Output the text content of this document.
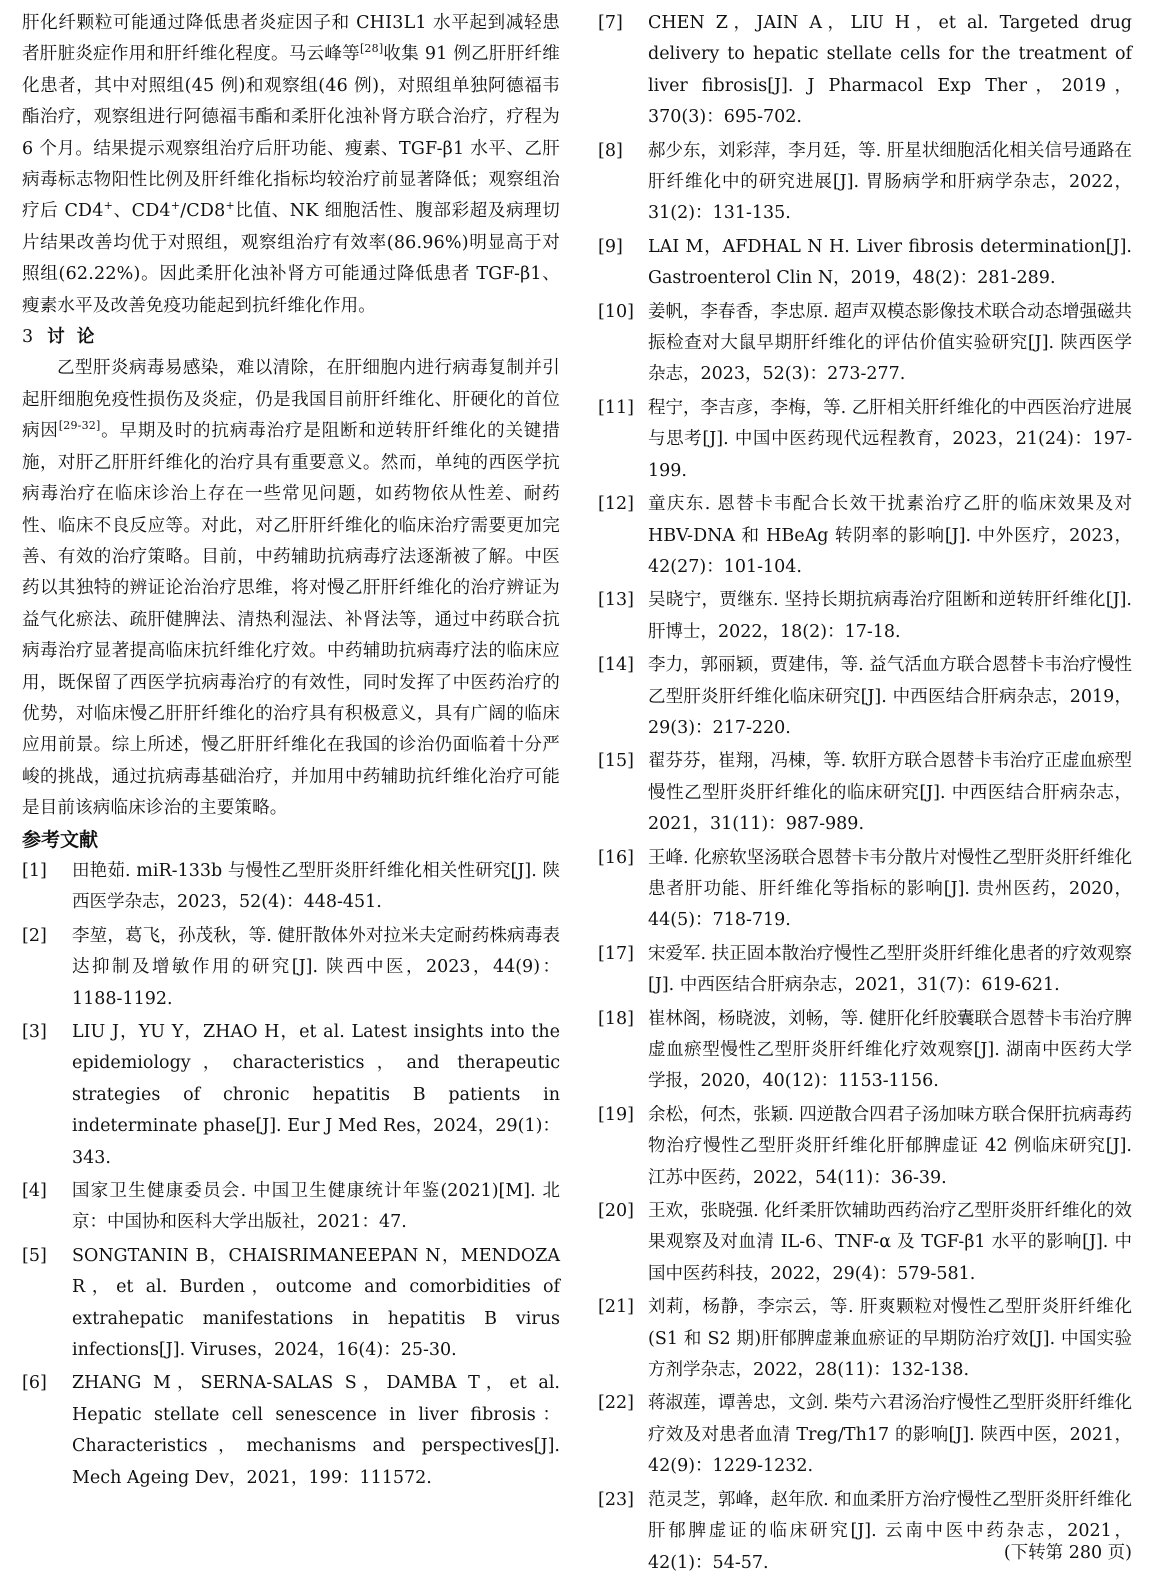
肝化纤颗粒可能通过降低患者炎症因子和 CHI3L1 水平起到减轻患者肝脏炎症作用和肝纤维化程度。马云峰等[28]收集 91 例乙肝肝纤维化患者，其中对照组(45 例)和观察组(46 例)，对照组单独阿德福韦酯治疗，观察组进行阿德福韦酯和柔肝化浊补肾方联合治疗，疗程为 6 个月。结果提示观察组治疗后肝功能、瘦素、TGF-β1 水平、乙肝病毒标志物阳性比例及肝纤维化指标均较治疗前显著降低；观察组治疗后 CD4+、CD4+/CD8+比值、NK 细胞活性、腹部彩超及病理切片结果改善均优于对照组，观察组治疗有效率(86.96%)明显高于对照组(62.22%)。因此柔肝化浊补肾方可能通过降低患者 TGF-β1、瘦素水平及改善免疫功能起到抗纤维化作用。

3 讨  论

乙型肝炎病毒易感染，难以清除，在肝细胞内进行病毒复制并引起肝细胞免疫性损伤及炎症，仍是我国目前肝纤维化、肝硬化的首位病因[29-32]。早期及时的抗病毒治疗是阻断和逆转肝纤维化的关键措施，对肝乙肝肝纤维化的治疗具有重要意义。然而，单纯的西医学抗病毒治疗在临床诊治上存在一些常见问题，如药物依从性差、耐药性、临床不良反应等。对此，对乙肝肝纤维化的临床治疗需要更加完善、有效的治疗策略。目前，中药辅助抗病毒疗法逐渐被了解。中医药以其独特的辨证论治治疗思维，将对慢乙肝肝纤维化的治疗辨证为益气化瘀法、疏肝健脾法、清热利湿法、补肾法等，通过中药联合抗病毒治疗显著提高临床抗纤维化疗效。中药辅助抗病毒疗法的临床应用，既保留了西医学抗病毒治疗的有效性，同时发挥了中医药治疗的优势，对临床慢乙肝肝纤维化的治疗具有积极意义，具有广阔的临床应用前景。综上所述，慢乙肝肝纤维化在我国的诊治仍面临着十分严峻的挑战，通过抗病毒基础治疗，并加用中药辅助抗纤维化治疗可能是目前该病临床诊治的主要策略。

参考文献
[1]	田艳茹. miR-133b 与慢性乙型肝炎肝纤维化相关性研究[J]. 陕西医学杂志，2023，52(4)：448-451.
[2]	李堃，葛飞，孙茂秋，等. 健肝散体外对拉米夫定耐药株病毒表达抑制及增敏作用的研究[J]. 陕西中医，2023，44(9)：1188-1192.
[3]	LIU J，YU Y，ZHAO H，et al. Latest insights into the epidemiology，characteristics，and therapeutic strategies of chronic hepatitis B patients in indeterminate phase[J]. Eur J Med Res，2024，29(1)：343.
[4]	国家卫生健康委员会. 中国卫生健康统计年鉴(2021)[M]. 北京：中国协和医科大学出版社，2021：47.
[5]	SONGTANIN B，CHAISRIMANEEPAN N，MENDOZA R，et al. Burden，outcome and comorbidities of extrahepatic manifestations in hepatitis B virus infections[J]. Viruses，2024，16(4)：25-30.
[6]	ZHANG M，SERNA-SALAS S，DAMBA T，et al. Hepatic stellate cell senescence in liver fibrosis：Characteristics，mechanisms and perspectives[J]. Mech Ageing Dev，2021，199：111572.
[7]	CHEN Z，JAIN A，LIU H，et al. Targeted drug delivery to hepatic stellate cells for the treatment of liver fibrosis[J]. J Pharmacol Exp Ther，2019，370(3)：695-702.
[8]	郝少东，刘彩萍，李月廷，等. 肝星状细胞活化相关信号通路在肝纤维化中的研究进展[J]. 胃肠病学和肝病学杂志，2022，31(2)：131-135.
[9]	LAI M，AFDHAL N H. Liver fibrosis determination[J]. Gastroenterol Clin N，2019，48(2)：281-289.
[10] 姜帆，李春香，李忠原. 超声双模态影像技术联合动态增强磁共振检查对大鼠早期肝纤维化的评估价值实验研究[J]. 陕西医学杂志，2023，52(3)：273-277.
[11] 程宁，李吉彦，李梅，等. 乙肝相关肝纤维化的中西医治疗进展与思考[J]. 中国中医药现代远程教育，2023，21(24)：197-199.
[12] 童庆东. 恩替卡韦配合长效干扰素治疗乙肝的临床效果及对 HBV-DNA 和 HBeAg 转阴率的影响[J]. 中外医疗，2023，42(27)：101-104.
[13] 吴晓宁，贾继东. 坚持长期抗病毒治疗阻断和逆转肝纤维化[J]. 肝博士，2022，18(2)：17-18.
[14] 李力，郭丽颖，贾建伟，等. 益气活血方联合恩替卡韦治疗慢性乙型肝炎肝纤维化临床研究[J]. 中西医结合肝病杂志，2019，29(3)：217-220.
[15] 翟芬芬，崔翔，冯棟，等. 软肝方联合恩替卡韦治疗正虚血瘀型慢性乙型肝炎肝纤维化的临床研究[J]. 中西医结合肝病杂志，2021，31(11)：987-989.
[16] 王峰. 化瘀软坚汤联合恩替卡韦分散片对慢性乙型肝炎肝纤维化患者肝功能、肝纤维化等指标的影响[J]. 贵州医药，2020，44(5)：718-719.
[17] 宋爱军. 扶正固本散治疗慢性乙型肝炎肝纤维化患者的疗效观察[J]. 中西医结合肝病杂志，2021，31(7)：619-621.
[18] 崔林阁，杨晓波，刘畅，等. 健肝化纤胶囊联合恩替卡韦治疗脾虚血瘀型慢性乙型肝炎肝纤维化疗效观察[J]. 湖南中医药大学学报，2020，40(12)：1153-1156.
[19] 余松，何杰，张颖. 四逆散合四君子汤加味方联合保肝抗病毒药物治疗慢性乙型肝炎肝纤维化肝郁脾虚证 42 例临床研究[J]. 江苏中医药，2022，54(11)：36-39.
[20] 王欢，张晓强. 化纤柔肝饮辅助西药治疗乙型肝炎肝纤维化的效果观察及对血清 IL-6、TNF-α 及 TGF-β1 水平的影响[J]. 中国中医药科技，2022，29(4)：579-581.
[21] 刘莉，杨静，李宗云，等. 肝爽颗粒对慢性乙型肝炎肝纤维化(S1 和 S2 期)肝郁脾虚兼血瘀证的早期防治疗效[J]. 中国实验方剂学杂志，2022，28(11)：132-138.
[22] 蒋淑莲，谭善忠，文剑. 柴芍六君汤治疗慢性乙型肝炎肝纤维化疗效及对患者血清 Treg/Th17 的影响[J]. 陕西中医，2021，42(9)：1229-1232.
[23] 范灵芝，郭峰，赵年欣. 和血柔肝方治疗慢性乙型肝炎肝纤维化肝郁脾虚证的临床研究[J]. 云南中医中药杂志，2021，42(1)：54-57.	(下转第 280 页)
